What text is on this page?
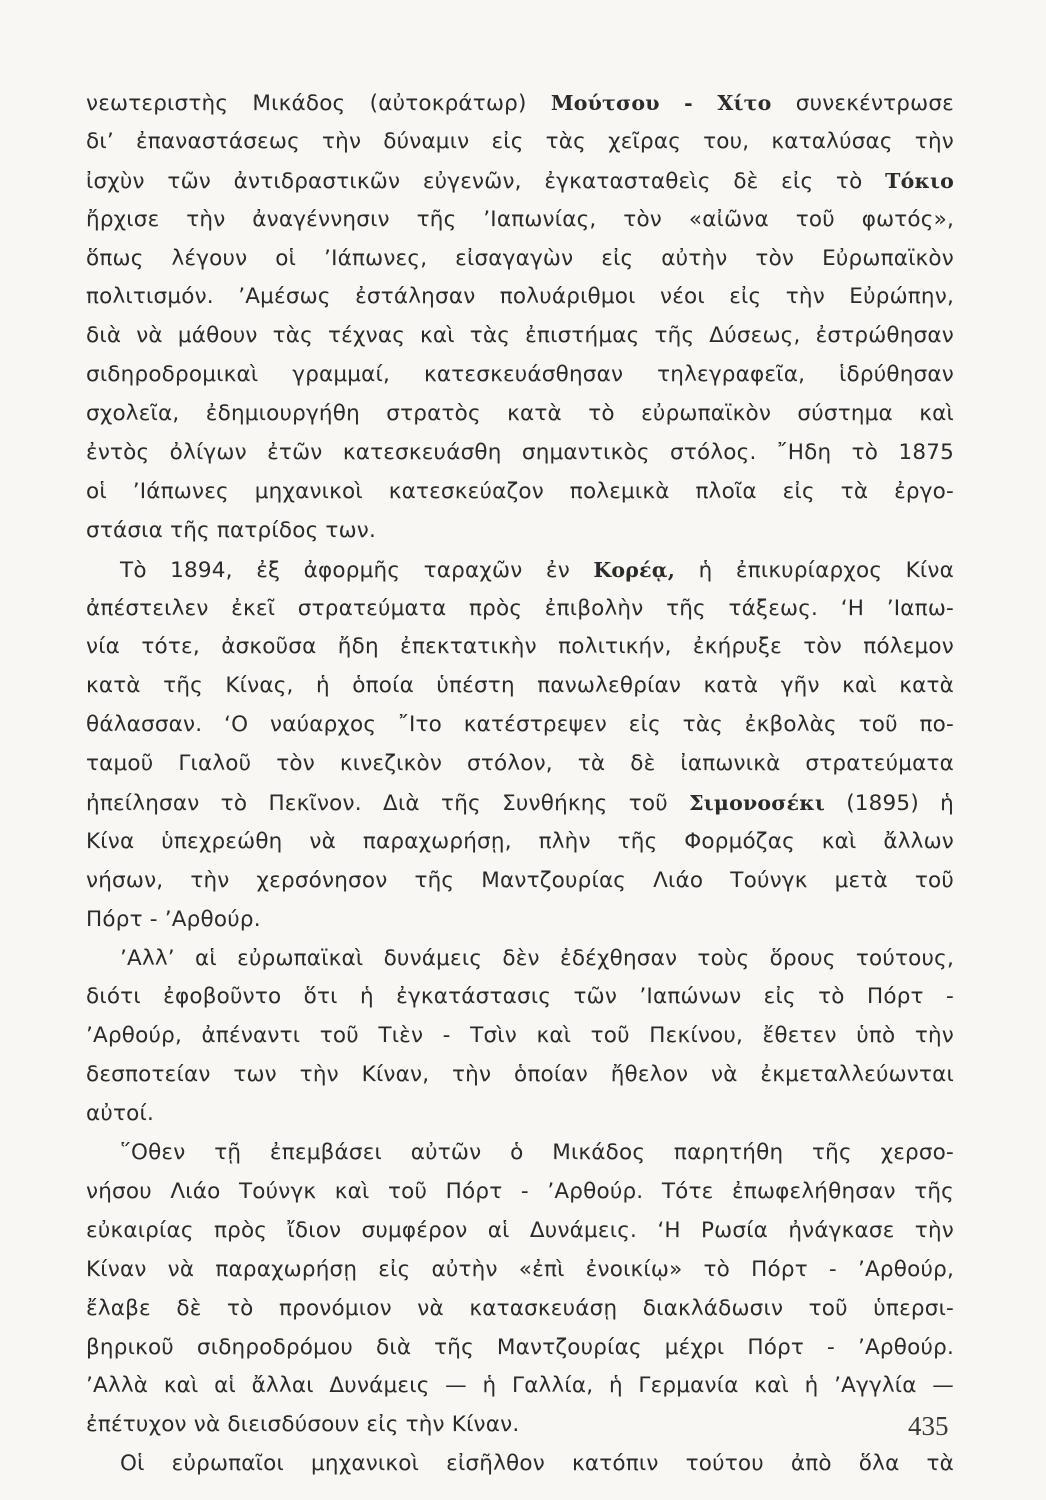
νεωτεριστὴς Μικάδος (αὐτοκράτωρ) Μούτσου - Χίτο συνεκέντρωσε
δι’ ἐπαναστάσεως τὴν δύναμιν εἰς τὰς χεῖρας του, καταλύσας τὴν
ἰσχὺν τῶν ἀντιδραστικῶν εὐγενῶν, ἐγκατασταθεὶς δὲ εἰς τὸ Τόκιο
ἤρχισε τὴν ἀναγέννησιν τῆς ’Ιαπωνίας, τὸν «αἰῶνα τοῦ φωτός»,
ὅπως λέγουν οἱ ’Ιάπωνες, εἰσαγαγὼν εἰς αὐτὴν τὸν Εὐρωπαϊκὸν
πολιτισμόν. ’Αμέσως ἐστάλησαν πολυάριθμοι νέοι εἰς τὴν Εὐρώπην,
διὰ νὰ μάθουν τὰς τέχνας καὶ τὰς ἐπιστήμας τῆς Δύσεως, ἐστρώθησαν
σιδηροδρομικαὶ γραμμαί, κατεσκευάσθησαν τηλεγραφεῖα, ἱδρύθησαν
σχολεῖα, ἐδημιουργήθη στρατὸς κατὰ τὸ εὐρωπαϊκὸν σύστημα καὶ
ἐντὸς ὀλίγων ἐτῶν κατεσκευάσθη σημαντικὸς στόλος. ῎Ηδη τὸ 1875
οἱ ’Ιάπωνες μηχανικοὶ κατεσκεύαζον πολεμικὰ πλοῖα εἰς τὰ ἐργο-
στάσια τῆς πατρίδος των.
Τὸ 1894, ἐξ ἀφορμῆς ταραχῶν ἐν Κορέᾳ, ἡ ἐπικυρίαρχος Κίνα
ἀπέστειλεν ἐκεῖ στρατεύματα πρὸς ἐπιβολὴν τῆς τάξεως. ‘Η ’Ιαπω-
νία τότε, ἀσκοῦσα ἤδη ἐπεκτατικὴν πολιτικήν, ἐκήρυξε τὸν πόλεμον
κατὰ τῆς Κίνας, ἡ ὁποία ὑπέστη πανωλεθρίαν κατὰ γῆν καὶ κατὰ
θάλασσαν. ‘Ο ναύαρχος ῎Ιτο κατέστρεψεν εἰς τὰς ἐκβολὰς τοῦ πο-
ταμοῦ Γιαλοῦ τὸν κινεζικὸν στόλον, τὰ δὲ ἰαπωνικὰ στρατεύματα
ἠπείλησαν τὸ Πεκῖνον. Διὰ τῆς Συνθήκης τοῦ Σιμονοσέκι (1895) ἡ
Κίνα ὑπεχρεώθη νὰ παραχωρήσῃ, πλὴν τῆς Φορμόζας καὶ ἄλλων
νήσων, τὴν χερσόνησον τῆς Μαντζουρίας Λιάο Τούνγκ μετὰ τοῦ
Πόρτ - ’Αρθούρ.
’Αλλ’ αἱ εὐρωπαϊκαὶ δυνάμεις δὲν ἐδέχθησαν τοὺς ὅρους τούτους,
διότι ἐφοβοῦντο ὅτι ἡ ἐγκατάστασις τῶν ’Ιαπώνων εἰς τὸ Πόρτ -
’Αρθούρ, ἀπέναντι τοῦ Τιὲν - Τσὶν καὶ τοῦ Πεκίνου, ἔθετεν ὑπὸ τὴν
δεσποτείαν των τὴν Κίναν, τὴν ὁποίαν ἤθελον νὰ ἐκμεταλλεύωνται
αὐτοί.
῞Οθεν τῇ ἐπεμβάσει αὐτῶν ὁ Μικάδος παρητήθη τῆς χερσο-
νήσου Λιάο Τούνγκ καὶ τοῦ Πόρτ - ’Αρθούρ. Τότε ἐπωφελήθησαν τῆς
εὐκαιρίας πρὸς ἴδιον συμφέρον αἱ Δυνάμεις. ‘Η Ρωσία ἠνάγκασε τὴν
Κίναν νὰ παραχωρήσῃ εἰς αὐτὴν «ἐπὶ ἐνοικίῳ» τὸ Πόρτ - ’Αρθούρ,
ἔλαβε δὲ τὸ προνόμιον νὰ κατασκευάσῃ διακλάδωσιν τοῦ ὑπερσι-
βηρικοῦ σιδηροδρόμου διὰ τῆς Μαντζουρίας μέχρι Πόρτ - ’Αρθούρ.
’Αλλὰ καὶ αἱ ἄλλαι Δυνάμεις — ἡ Γαλλία, ἡ Γερμανία καὶ ἡ ’Αγγλία —
ἐπέτυχον νὰ διεισδύσουν εἰς τὴν Κίναν.
Οἱ εὐρωπαῖοι μηχανικοὶ εἰσῆλθον κατόπιν τούτου ἀπὸ ὅλα τὰ
435
